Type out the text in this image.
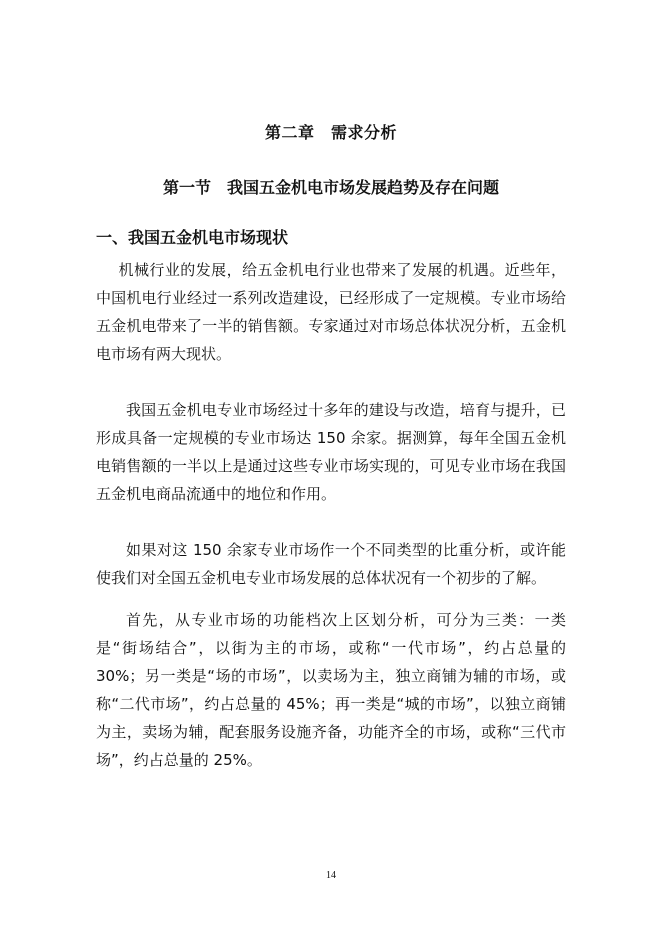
第二章　需求分析
第一节　我国五金机电市场发展趋势及存在问题
一、我国五金机电市场现状

机械行业的发展，给五金机电行业也带来了发展的机遇。近些年，中国机电行业经过一系列改造建设，已经形成了一定规模。专业市场给五金机电带来了一半的销售额。专家通过对市场总体状况分析，五金机电市场有两大现状。

我国五金机电专业市场经过十多年的建设与改造，培育与提升，已形成具备一定规模的专业市场达 150 余家。据测算，每年全国五金机电销售额的一半以上是通过这些专业市场实现的，可见专业市场在我国五金机电商品流通中的地位和作用。

如果对这 150 余家专业市场作一个不同类型的比重分析，或许能使我们对全国五金机电专业市场发展的总体状况有一个初步的了解。

首先，从专业市场的功能档次上区划分析，可分为三类：一类是“街场结合”，以街为主的市场，或称“一代市场”，约占总量的 30%；另一类是“场的市场”，以卖场为主，独立商铺为辅的市场，或称“二代市场”，约占总量的 45%；再一类是“城的市场”，以独立商铺为主，卖场为辅，配套服务设施齐备，功能齐全的市场，或称“三代市场”，约占总量的 25%。

14
